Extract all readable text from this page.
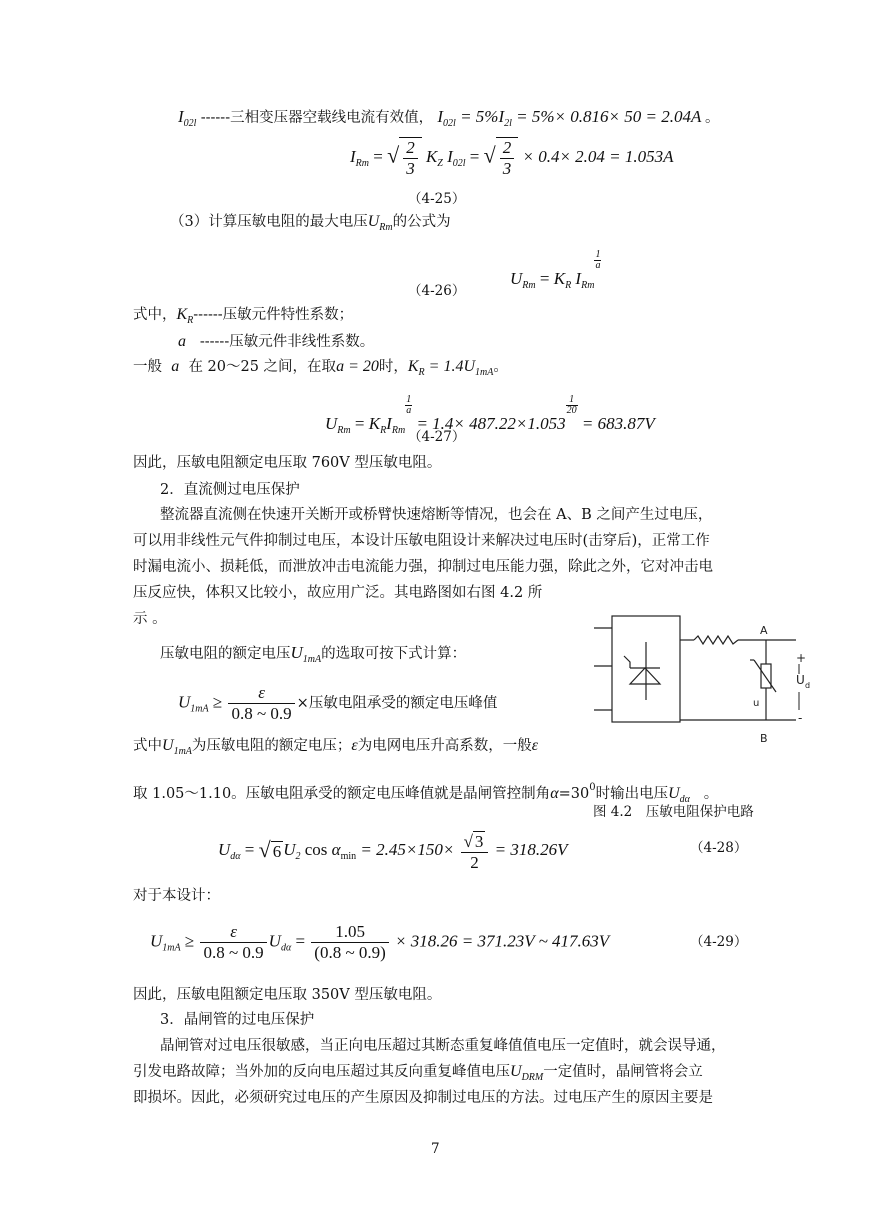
$I_{02l}$ ------三相变压器空载线电流有效值， $I_{02l} = 5\%I_{2l} = 5\%\times 0.816\times 50 = 2.04A$ 。
$I_{Rm}$ = √ $\frac{2}{3} K_Z$ $I_{02l}$ = √ $\frac{2}{3} \times 0.4\times 2.04 = 1.053A$
（4-25）
（3）计算压敏电阻的最大电压$U_{Rm}$的公式为
$U_{Rm} = K_R$ $I_{Rm}$
$\frac{1}{a}$
（4-26）
式中，$K_R------$压敏元件特性系数；
a ------压敏元件非线性系数。
一般 a 在 20～25 之间，在取a = 20时，$K_R = 1.4U_{1mA}$。
$U_{Rm} = K_RI_{Rm}$
$\frac{1}{a}$
= 1.4× 487.22×1.053
$\frac{1}{20}$
= 683.87V
（4-27）
因此，压敏电阻额定电压取 760V 型压敏电阻。
2．直流侧过电压保护
整流器直流侧在快速开关断开或桥臂快速熔断等情况，也会在 A、B 之间产生过电压，
可以用非线性元气件抑制过电压，本设计压敏电阻设计来解决过电压时(击穿后)，正常工作
时漏电流小、损耗低，而泄放冲击电流能力强，抑制过电压能力强，除此之外，它对冲击电
压反应快，体积又比较小，故应用广泛。其电路图如右图 4.2 所
示 。
压敏电阻的额定电压$U_{1mA}$的选取可按下式计算：
$U_{1mA} \ge \frac{\varepsilon}{0.8 \sim 0.9}$ ×压敏电阻承受的额定电压峰值
式中$U_{1mA}$为压敏电阻的额定电压；ε为电网电压升高系数，一般ε
取 1.05～1.10。压敏电阻承受的额定电压峰值就是晶闸管控制角$\alpha=30^0$时输出电压$U_{d\alpha}$ 。
图 4.2　压敏电阻保护电路
$U_{d\alpha}$ = √ 6 $U_2$ $\cos \alpha_{min} = 2.45\times 150\times \frac{√ 3}{2} = 318.26V$	（4-28）
对于本设计：
$U_{1mA} \ge \frac{\varepsilon}{0.8 \sim 0.9} U_{d\alpha} = \frac{1.05}{(0.8 \sim 0.9)} \times 318.26 = 371.23V$ ~ 417.63V	（4-29）
因此，压敏电阻额定电压取 350V 型压敏电阻。
3．晶闸管的过电压保护
晶闸管对过电压很敏感，当正向电压超过其断态重复峰值值电压一定值时，就会误导通，
引发电路故障；当外加的反向电压超过其反向重复峰值电压$U_{DRM}$一定值时，晶闸管将会立
即损坏。因此，必须研究过电压的产生原因及抑制过电压的方法。过电压产生的原因主要是
7
A
B
+
-
U d
u
